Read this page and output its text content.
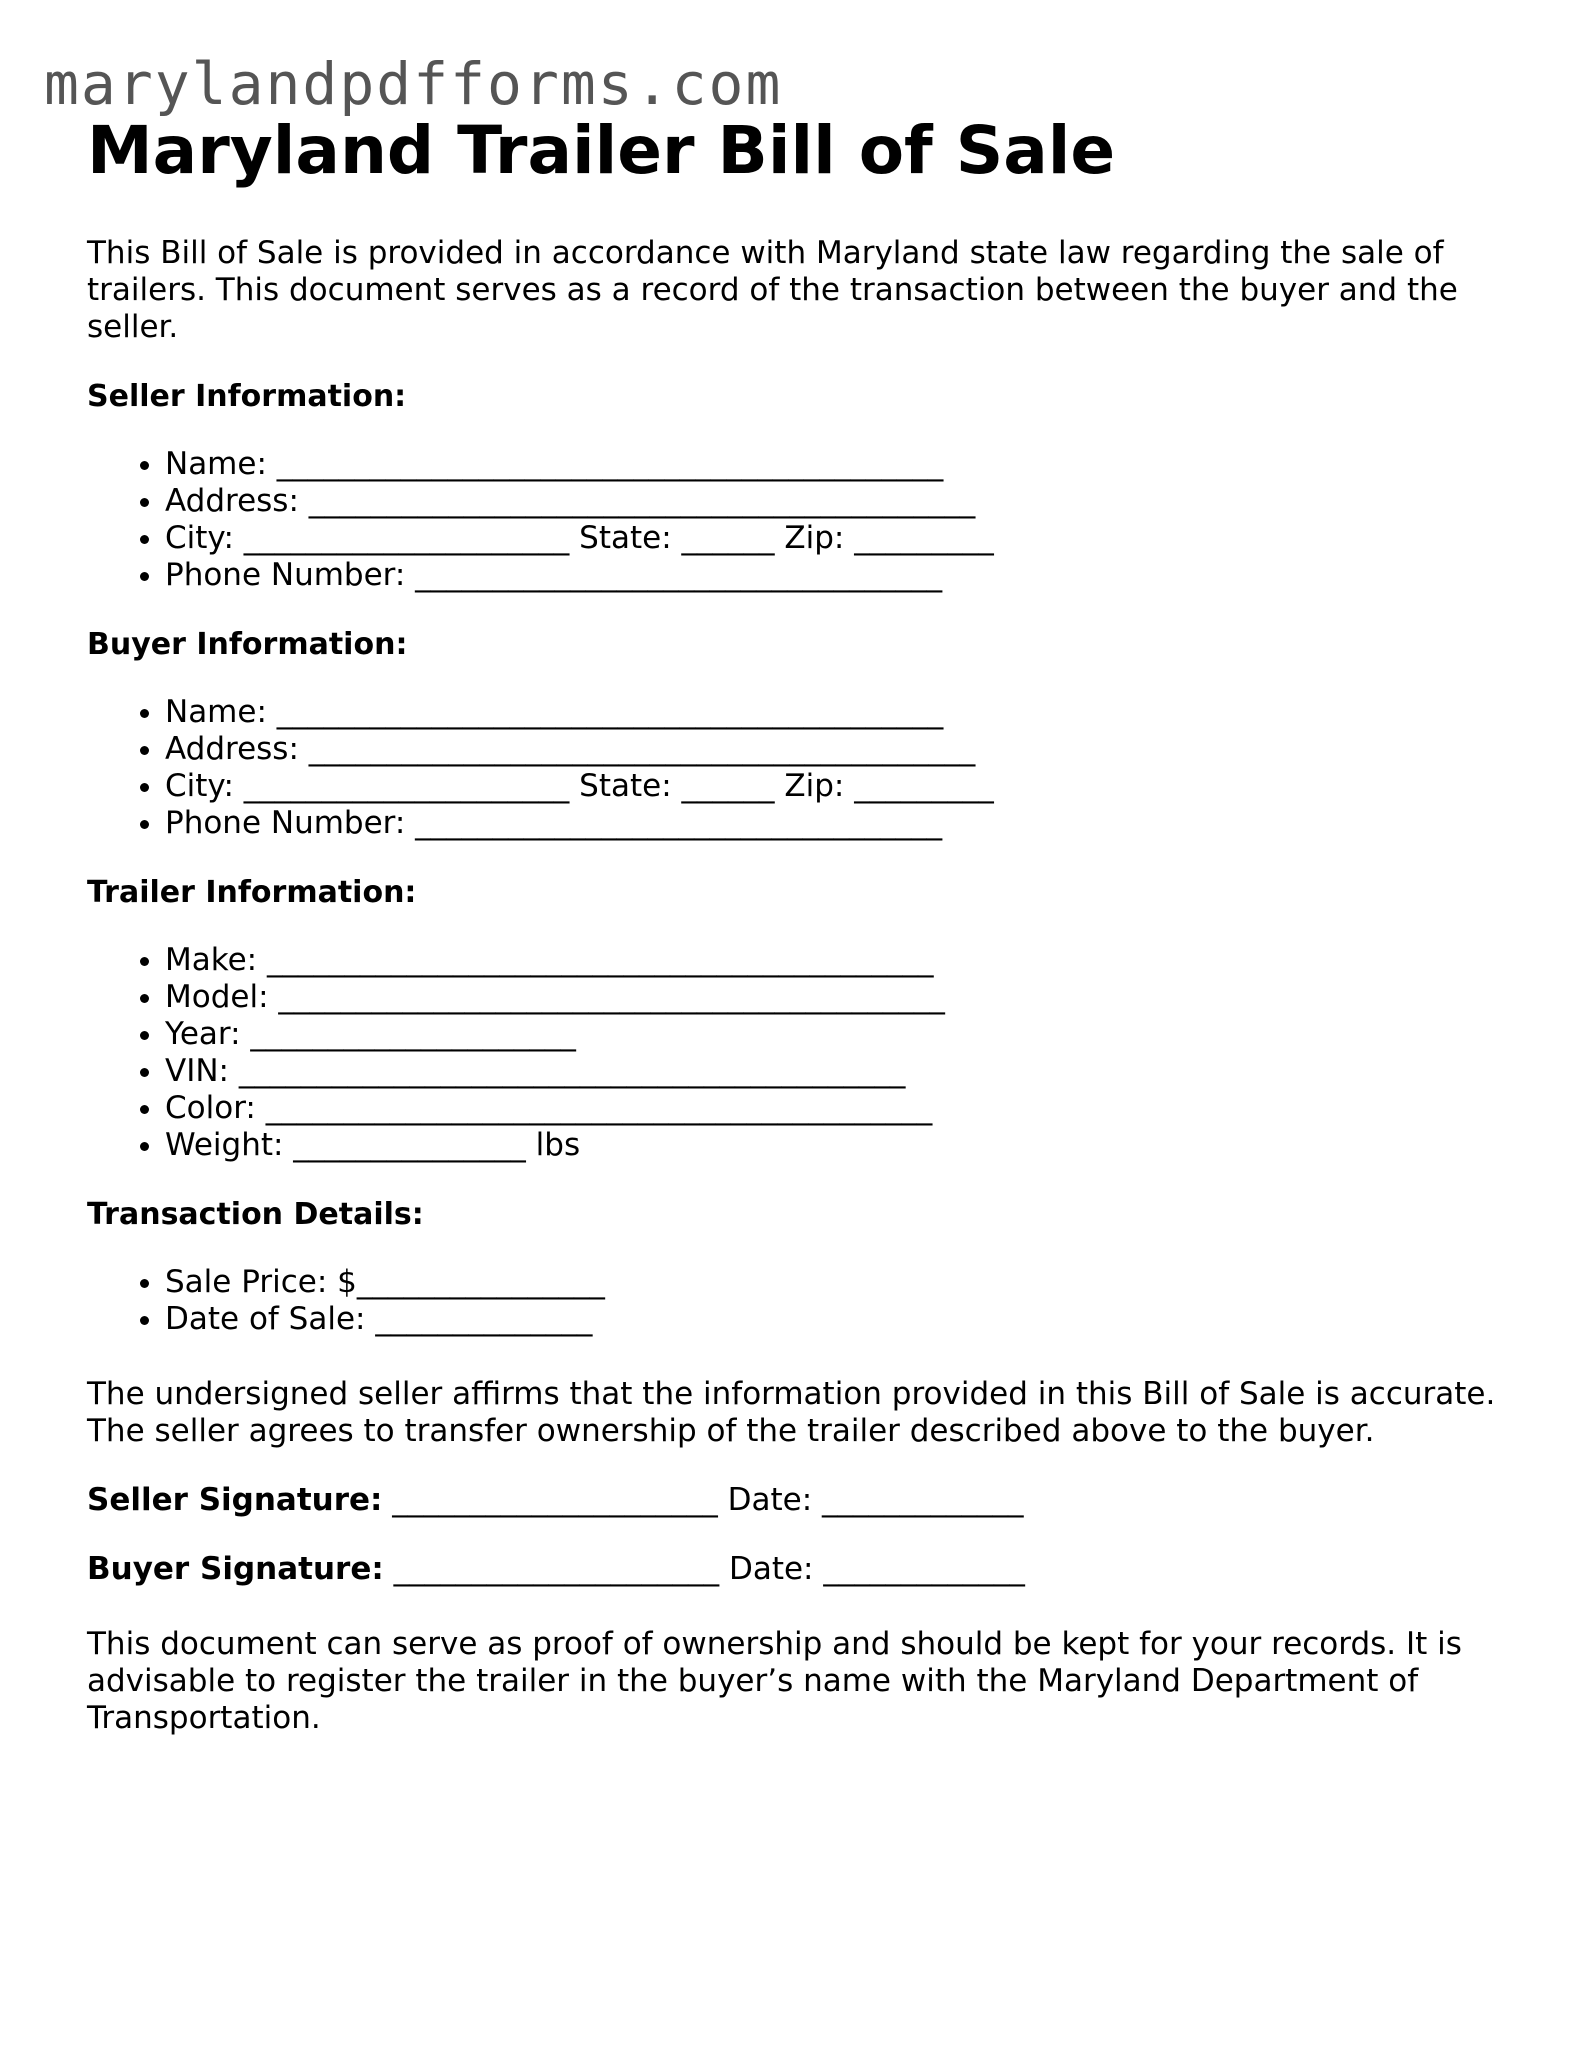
marylandpdfforms.com
Maryland Trailer Bill of Sale

This Bill of Sale is provided in accordance with Maryland state law regarding the sale of trailers. This document serves as a record of the transaction between the buyer and the seller.

Seller Information:

• Name: ___________________________________________
• Address: ___________________________________________
• City: _____________________ State: ______ Zip: _________
• Phone Number: __________________________________

Buyer Information:

• Name: ___________________________________________
• Address: ___________________________________________
• City: _____________________ State: ______ Zip: _________
• Phone Number: __________________________________

Trailer Information:

• Make: ___________________________________________
• Model: ___________________________________________
• Year: _____________________
• VIN: ___________________________________________
• Color: ___________________________________________
• Weight: _______________ lbs

Transaction Details:

• Sale Price: $________________
• Date of Sale: ______________

The undersigned seller affirms that the information provided in this Bill of Sale is accurate. The seller agrees to transfer ownership of the trailer described above to the buyer.

Seller Signature: _____________________ Date: _____________

Buyer Signature: _____________________ Date: _____________

This document can serve as proof of ownership and should be kept for your records. It is advisable to register the trailer in the buyer’s name with the Maryland Department of Transportation.
